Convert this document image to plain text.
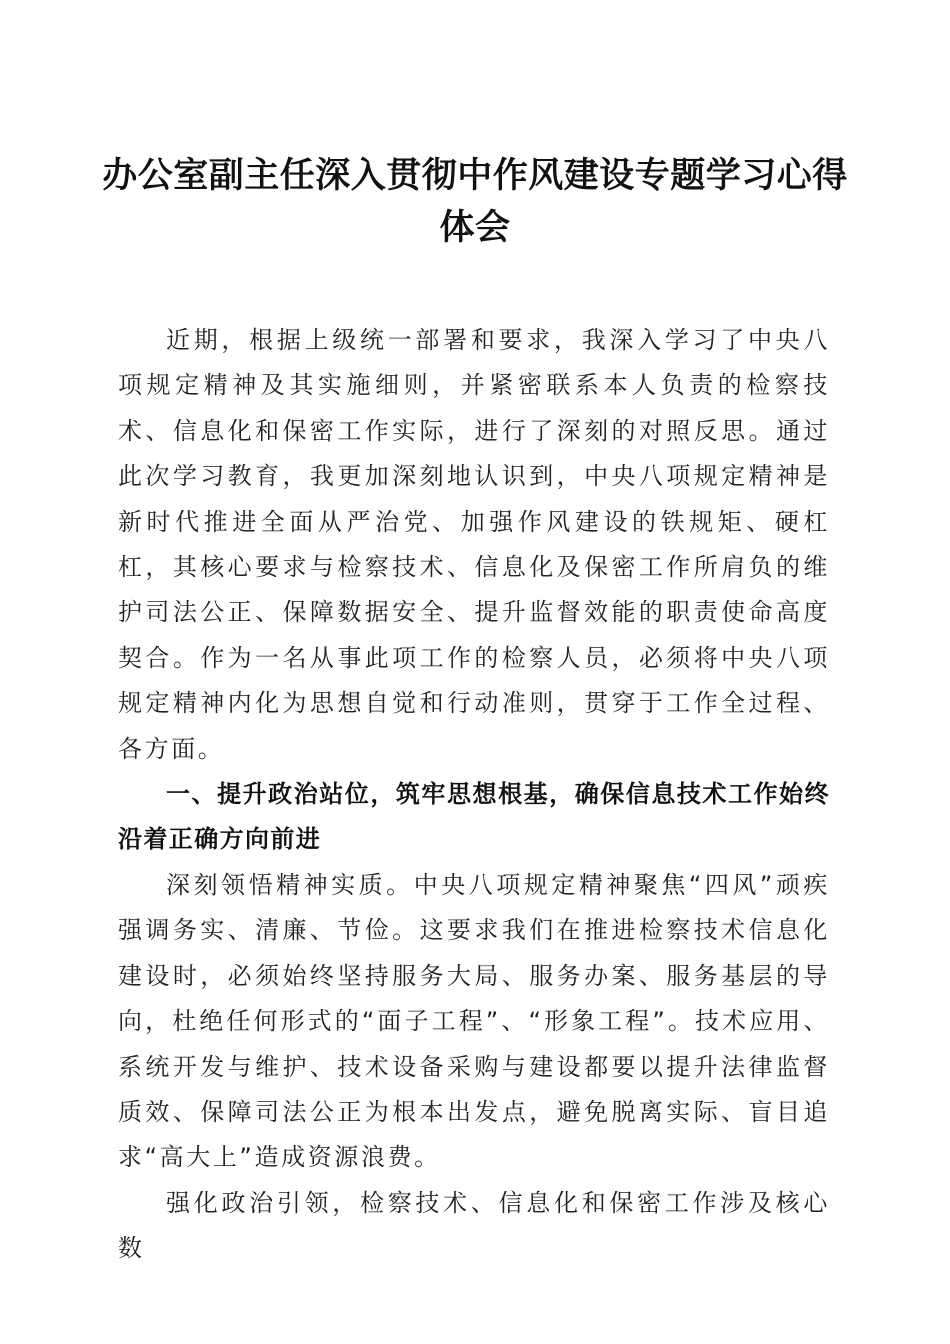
办公室副主任深入贯彻中作风建设专题学习心得体会

近期，根据上级统一部署和要求，我深入学习了中央八项规定精神及其实施细则，并紧密联系本人负责的检察技术、信息化和保密工作实际，进行了深刻的对照反思。通过此次学习教育，我更加深刻地认识到，中央八项规定精神是新时代推进全面从严治党、加强作风建设的铁规矩、硬杠杠，其核心要求与检察技术、信息化及保密工作所肩负的维护司法公正、保障数据安全、提升监督效能的职责使命高度契合。作为一名从事此项工作的检察人员，必须将中央八项规定精神内化为思想自觉和行动准则，贯穿于工作全过程、各方面。

一、提升政治站位，筑牢思想根基，确保信息技术工作始终沿着正确方向前进

深刻领悟精神实质。中央八项规定精神聚焦“四风”顽疾强调务实、清廉、节俭。这要求我们在推进检察技术信息化建设时，必须始终坚持服务大局、服务办案、服务基层的导向，杜绝任何形式的“面子工程”、“形象工程”。技术应用、系统开发与维护、技术设备采购与建设都要以提升法律监督质效、保障司法公正为根本出发点，避免脱离实际、盲目追求“高大上”造成资源浪费。

强化政治引领，检察技术、信息化和保密工作涉及核心数
